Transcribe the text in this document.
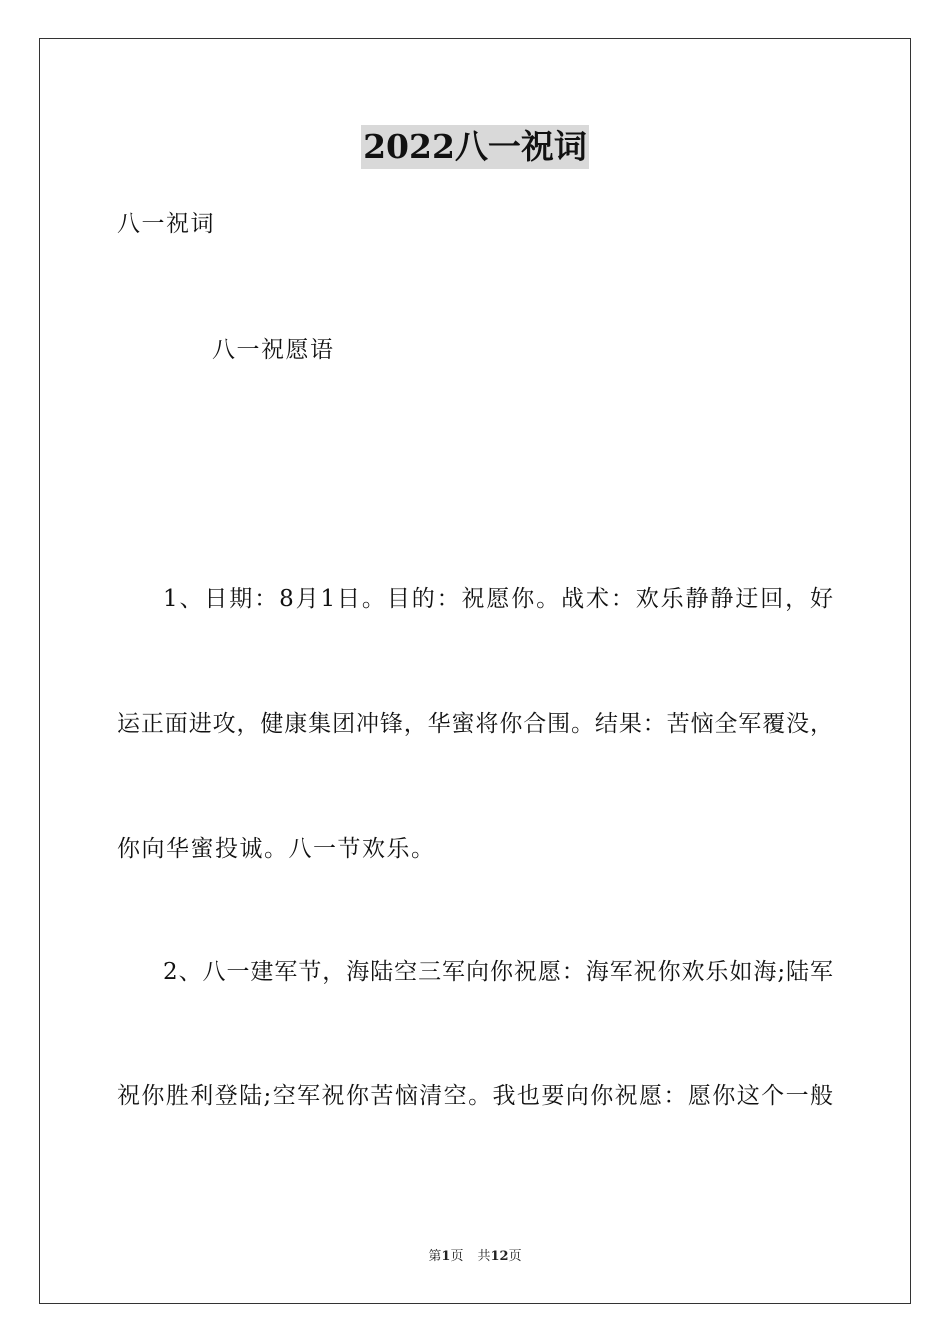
2022八一祝词
八一祝词
八一祝愿语
1、日期：8月1日。目的：祝愿你。战术：欢乐静静迂回，好
运正面进攻，健康集团冲锋，华蜜将你合围。结果：苦恼全军覆没，
你向华蜜投诚。八一节欢乐。
2、八一建军节，海陆空三军向你祝愿：海军祝你欢乐如海;陆军
祝你胜利登陆;空军祝你苦恼清空。我也要向你祝愿：愿你这个一般
第1页 共12页
